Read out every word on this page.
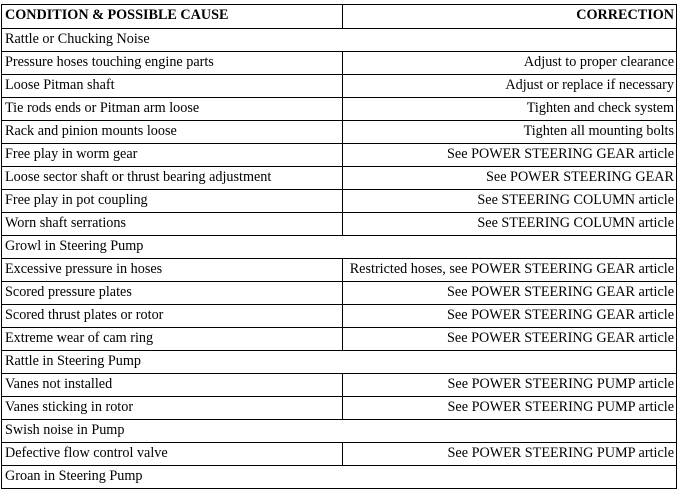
CONDITION & POSSIBLE CAUSE	CORRECTION
Rattle or Chucking Noise	
Pressure hoses touching engine parts	Adjust to proper clearance
Loose Pitman shaft	Adjust or replace if necessary
Tie rods ends or Pitman arm loose	Tighten and check system
Rack and pinion mounts loose	Tighten all mounting bolts
Free play in worm gear	See POWER STEERING GEAR article
Loose sector shaft or thrust bearing adjustment	See POWER STEERING GEAR
Free play in pot coupling	See STEERING COLUMN article
Worn shaft serrations	See STEERING COLUMN article
Growl in Steering Pump	
Excessive pressure in hoses	Restricted hoses, see POWER STEERING GEAR article
Scored pressure plates	See POWER STEERING GEAR article
Scored thrust plates or rotor	See POWER STEERING GEAR article
Extreme wear of cam ring	See POWER STEERING GEAR article
Rattle in Steering Pump	
Vanes not installed	See POWER STEERING PUMP article
Vanes sticking in rotor	See POWER STEERING PUMP article
Swish noise in Pump	
Defective flow control valve	See POWER STEERING PUMP article
Groan in Steering Pump	
